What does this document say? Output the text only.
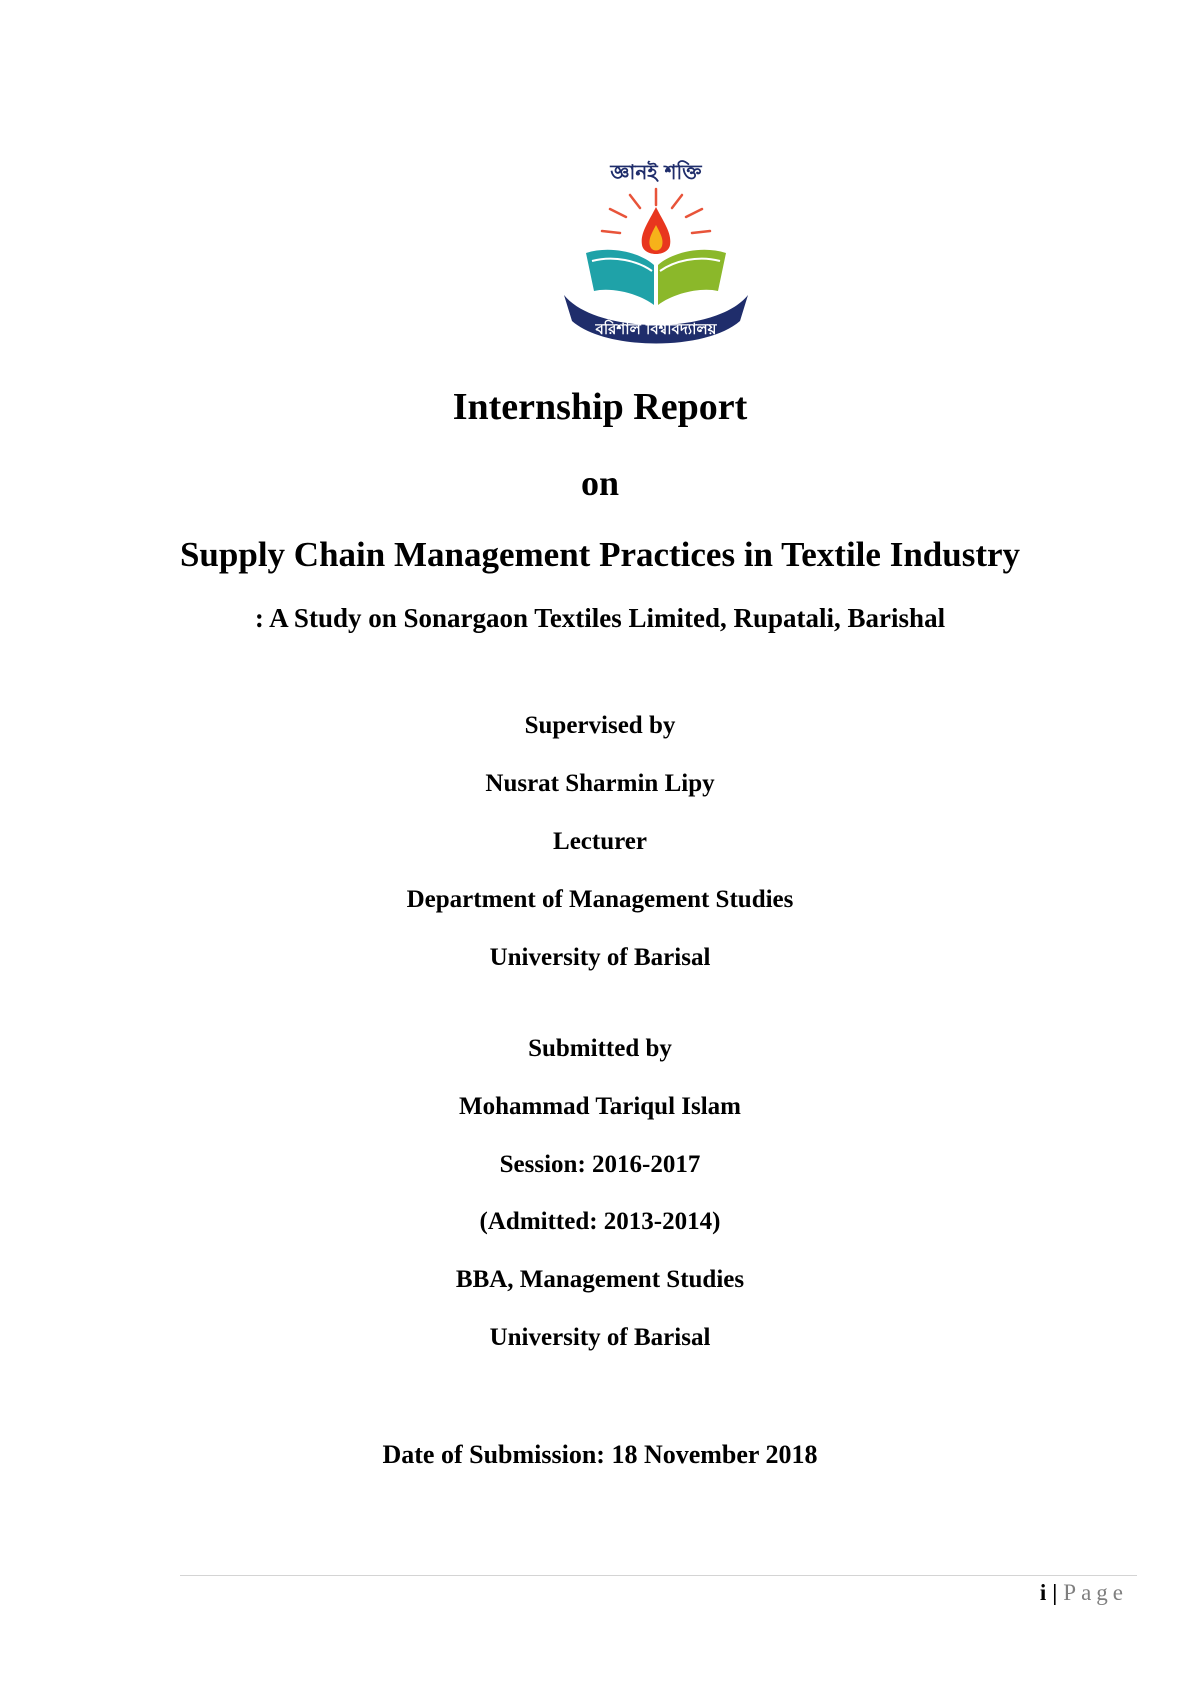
জ্ঞানই শক্তি
বরিশাল বিশ্ববিদ্যালয়
Internship Report
on
Supply Chain Management Practices in Textile Industry
: A Study on Sonargaon Textiles Limited, Rupatali, Barishal
Supervised by
Nusrat Sharmin Lipy
Lecturer
Department of Management Studies
University of Barisal
Submitted by
Mohammad Tariqul Islam
Session: 2016-2017
(Admitted: 2013-2014)
BBA, Management Studies
University of Barisal
Date of Submission: 18 November 2018
i | Page
